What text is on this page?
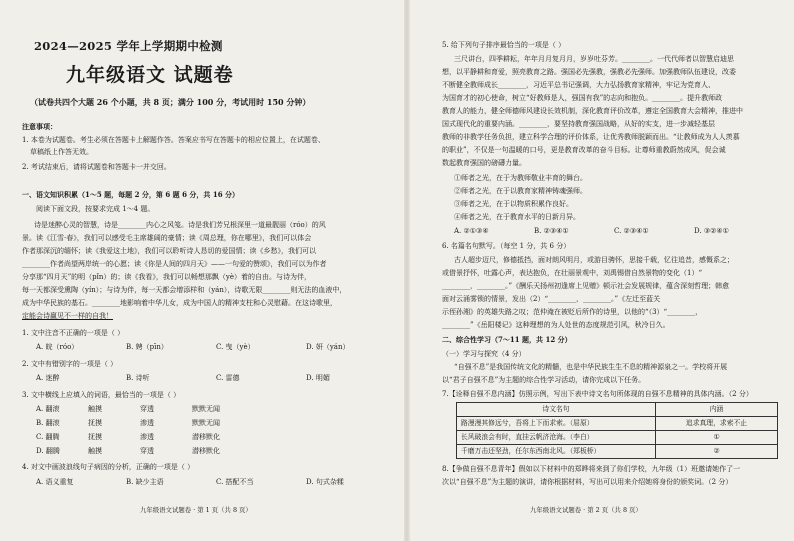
2024—2025 学年上学期期中检测
九年级语文 试题卷
（试卷共四个大题 26 个小题，共 8 页；满分 100 分，考试用时 150 分钟）
注意事项：
1. 本卷为试题卷。考生必须在答题卡上解题作答。答案应书写在答题卡的相应位置上，在试题卷、
草稿纸上作答无效。
2. 考试结束后，请将试题卷和答题卡一并交回。
一、语文知识积累（1～5 题，每题 2 分，第 6 题 6 分，共 16 分）
阅读下面文段，按要求完成 1～4 题。
诗是迷醉心灵的智慧，诗是________内心之风笺。诗是我们芳兄根深里一道最靓丽（róo）的风
景。读《江雪·春》，我们可以感受毛主席雄阔的豪情；读《周总理，你在哪里》，我们可以体会
作者那深沉的缅怀；读《我爱这土地》，我们可以聆听诗人恳切的爱国情；读《乡愁》，我们可以
________作者尚望两岸统一的心愿；读《你是人间的四月天》——一句爱的赞颂》，我们可以为作者
分享那“四月天”的明（pǐn）的；读《我看》，我们可以畅想那飘（yè）着的自由。与诗为伴，
每一天都深受熏陶（yín）；与诗为伴，每一天都会增添样和（yán），诗歌无限________则无法的血液中，
成为中华民族的基石。________地影响着中华儿女，成为中国人的精神支柱和心灵慰藉。在这诗歌里，
定能会诗赢见不一样的自我！
1. 文中注音不正确的一项是（ ）
A. 皖（róo）	B. 娉（pīn）	C. 曳（yè）	D. 妍（yán）
2. 文中有错别字的一项是（ ）
A. 迷醉	B. 诗听	C. 雷德	D. 明媚
3. 文中横线上应填入的词语，最恰当的一项是（ ）
A. 翻滚	触摸	穿透	默默无闻
B. 翻滚	抚摸	渗透	默默无闻
C. 翻腾	抚摸	渗透	潜移默化
D. 翻腾	触摸	穿透	潜移默化
4. 对文中画波浪线句子病因的分析，正确的一项是（ ）
A. 语义重复	B. 缺少主语	C. 搭配不当	D. 句式杂糅
九年级语文试题卷 · 第 1 页（共 8 页）
5. 给下列句子排序最恰当的一项是（ ）
三尺讲台，四季耕耘，年年月月复月月，岁岁吐芬芳。________。一代代师者以智慧启迪思
想，以平静耕和育爱，照亮教育之路。强国必先强教，强教必先强师。加强教师队伍建设，改委
不断健全教师成长________，习近平总书记强调，大力弘扬教育家精神，牢记为党育人、
为国育才的初心使命，树立“好教师是人，强国有我”的志向和抱负。________。提升教师政
教育人的能力，健全师德师风建设长效机制，深化教育评价改革，遵定全国教育大会精神，推进中
国式现代化的重要内涵。________，要坚持教育强国战略，从好的实支，进一步减轻基层
教师的非教学任务负担，建立科学合理的评价体系，让优秀教师脱颖而出。“让教师成为人人羡慕
的职业”，不仅是一句温暖的口号，更是教育改革的奋斗目标。让尊师重教蔚然成风，促会诚
数起教育强国的磅礴力量。
①师者之光，在于为教师敬业丰育的舞台。
②师者之光，在于以教育家精神铸魂强师。
③师者之光，在于以物质积累作良好。
④师者之光，在于教育水平的日新月异。
A. ②①③④	B. ②③④①	C. ②③④①	D. ③②④①
6. 名篇名句默写。（每空 1 分，共 6 分）
古人超步迈尺，修德抵挡，面对朗风明月，或游目骋怀，思接千载，忆往追昔，感慨系之；
或借景抒怀，吐露心声，表达抱负，在壮丽景观中，刘禹锡借自然景物的变化（1）“
________，________。”《酬乐天扬州初逢席上见赠》顿示社会发展规律，蕴含深刻哲理；韩愈
面对云涌雾锁的情景，发出（2）“________，________。”《左迁至蓝关
示侄孙湘》的英雄失路之叹；范仲淹在被贬后所作的诗里，以他的“（3）“________，
________”《岳阳楼记》这种理想的为人处世的态度规范引风，秋冷日久。
二、综合性学习（7～11 题，共 12 分）
（一）学习与探究（4 分）
“自强不息”是我国传统文化的精髓，也是中华民族生生不息的精神源泉之一。学校将开展
以“君子自强不息”为主题的综合性学习活动，请你完成以下任务。
7.【诠释自强不息内涵】仿照示例，写出下表中诗文名句所体现的自强不息精神的具体内涵。（2 分）
诗文名句	内涵
路漫漫其修远兮，吾将上下而求索。（屈原）	追求真理，求索不止
长风破浪会有时，直挂云帆济沧海。（李白）	①
千磨万击还坚劲，任尔东西南北风。（郑板桥）	②
8.【争做自强不息青年】假如以下材料中的郑晔将来到了你们学校，九年级（1）班邀请她作了一
次以“自强不息”为主题的演讲，请你根据材料，写出可以用来介绍她将身份的颁奖词。（2 分）
九年级语文试题卷 · 第 2 页（共 8 页）
